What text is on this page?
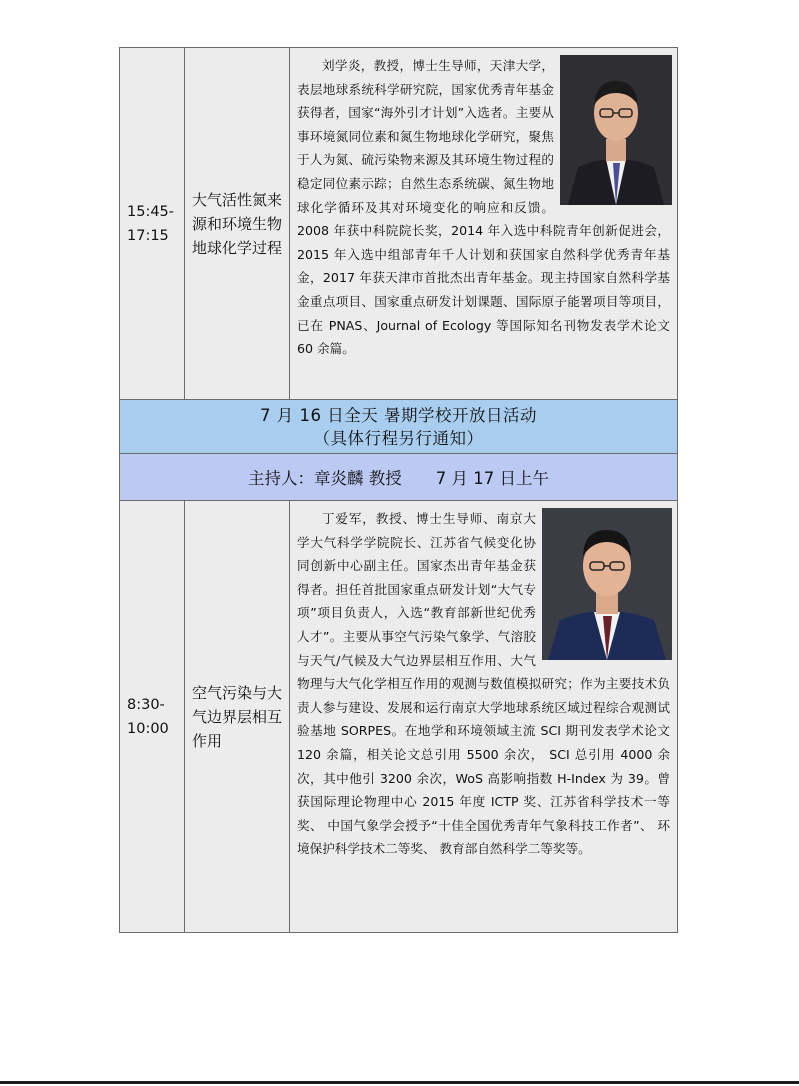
15:45-17:15	大气活性氮来源和环境生物地球化学过程	刘学炎，教授，博士生导师，天津大学，表层地球系统科学研究院，国家优秀青年基金获得者，国家“海外引才计划”入选者。主要从事环境氮同位素和氮生物地球化学研究，聚焦于人为氮、硫污染物来源及其环境生物过程的稳定同位素示踪；自然生态系统碳、氮生物地球化学循环及其对环境变化的响应和反馈。2008 年获中科院院长奖，2014 年入选中科院青年创新促进会，2015 年入选中组部青年千人计划和获国家自然科学优秀青年基金，2017 年获天津市首批杰出青年基金。现主持国家自然科学基金重点项目、国家重点研发计划课题、国际原子能署项目等项目，已在 PNAS、Journal of Ecology 等国际知名刊物发表学术论文 60 余篇。

7 月 16 日全天 暑期学校开放日活动
（具体行程另行通知）		

主持人：章炎麟 教授 7 月 17 日上午		
8:30-10:00	空气污染与大气边界层相互作用	丁爱军，教授、博士生导师、南京大学大气科学学院院长、江苏省气候变化协同创新中心副主任。国家杰出青年基金获得者。担任首批国家重点研发计划“大气专项”项目负责人，入选“教育部新世纪优秀人才”。主要从事空气污染气象学、气溶胶与天气/气候及大气边界层相互作用、大气物理与大气化学相互作用的观测与数值模拟研究；作为主要技术负责人参与建设、发展和运行南京大学地球系统区域过程综合观测试验基地 SORPES。在地学和环境领域主流 SCI 期刊发表学术论文 120 余篇，相关论文总引用 5500 余次， SCI 总引用 4000 余次，其中他引 3200 余次，WoS 高影响指数 H-Index 为 39。曾获国际理论物理中心 2015 年度 ICTP 奖、江苏省科学技术一等奖、 中国气象学会授予“十佳全国优秀青年气象科技工作者”、 环境保护科学技术二等奖、 教育部自然科学二等奖等。
